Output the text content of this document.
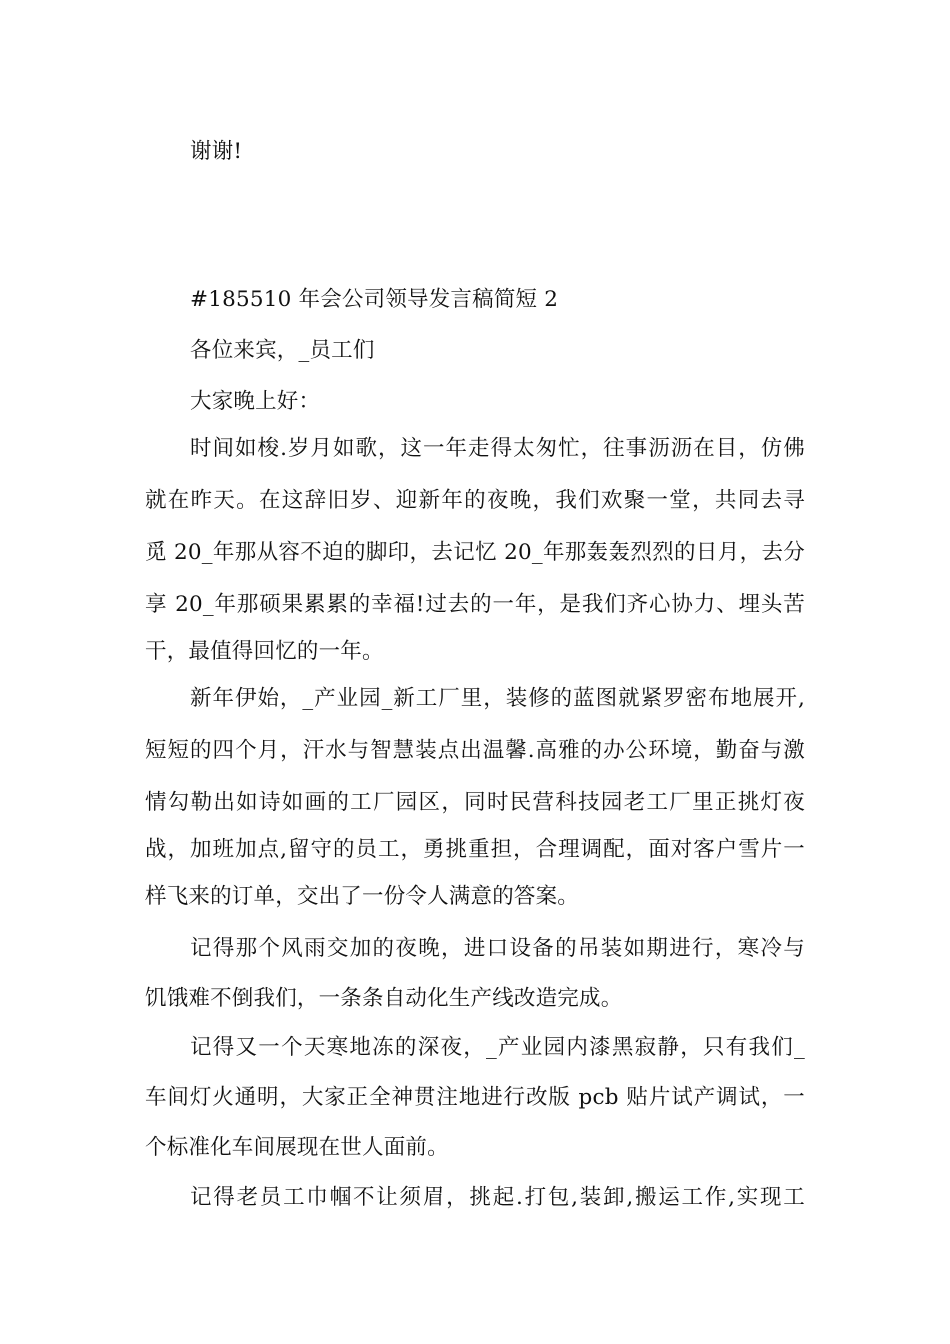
谢谢!
#185510 年会公司领导发言稿简短 2
各位来宾，_员工们
大家晚上好：
时间如梭.岁月如歌，这一年走得太匆忙，往事沥沥在目，仿佛
就在昨天。在这辞旧岁、迎新年的夜晚，我们欢聚一堂，共同去寻
觅 20_年那从容不迫的脚印，去记忆 20_年那轰轰烈烈的日月，去分
享 20_年那硕果累累的幸福!过去的一年，是我们齐心协力、埋头苦
干，最值得回忆的一年。
新年伊始，_产业园_新工厂里，装修的蓝图就紧罗密布地展开,
短短的四个月，汗水与智慧装点出温馨.高雅的办公环境，勤奋与激
情勾勒出如诗如画的工厂园区，同时民营科技园老工厂里正挑灯夜
战，加班加点,留守的员工，勇挑重担，合理调配，面对客户雪片一
样飞来的订单，交出了一份令人满意的答案。
记得那个风雨交加的夜晚，进口设备的吊装如期进行，寒冷与
饥饿难不倒我们，一条条自动化生产线改造完成。
记得又一个天寒地冻的深夜，_产业园内漆黑寂静，只有我们_
车间灯火通明，大家正全神贯注地进行改版 pcb 贴片试产调试，一
个标准化车间展现在世人面前。
记得老员工巾帼不让须眉，挑起.打包,装卸,搬运工作,实现工
